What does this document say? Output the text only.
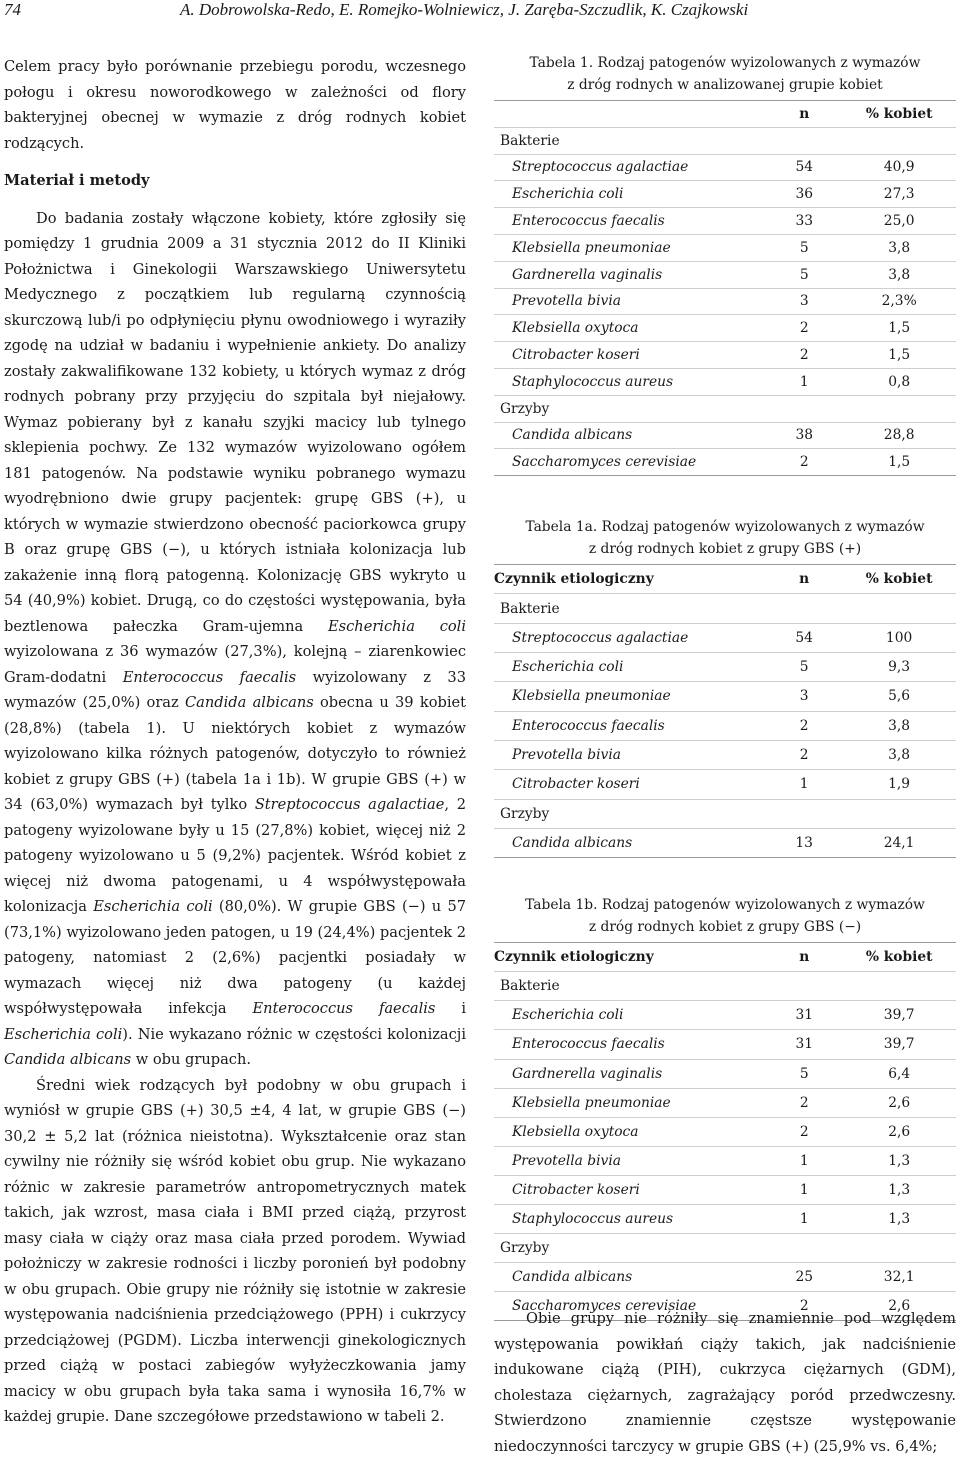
74	A. Dobrowolska-Redo, E. Romejko-Wolniewicz, J. Zaręba-Szczudlik, K. Czajkowski

Celem pracy było porównanie przebiegu porodu, wczesnego połogu i okresu noworodkowego w zależności od flory bakteryjnej obecnej w wymazie z dróg rodnych kobiet rodzących.

Materiał i metody

Do badania zostały włączone kobiety, które zgłosiły się pomiędzy 1 grudnia 2009 a 31 stycznia 2012 do II Kliniki Położnictwa i Ginekologii Warszawskiego Uniwersytetu Medycznego z początkiem lub regularną czynnością skurczową lub/i po odpłynięciu płynu owodniowego i wyraziły zgodę na udział w badaniu i wypełnienie ankiety. Do analizy zostały zakwalifikowane 132 kobiety, u których wymaz z dróg rodnych pobrany przy przyjęciu do szpitala był niejałowy. Wymaz pobierany był z kanału szyjki macicy lub tylnego sklepienia pochwy. Ze 132 wymazów wyizolowano ogółem 181 patogenów. Na podstawie wyniku pobranego wymazu wyodrębniono dwie grupy pacjentek: grupę GBS (+), u których w wymazie stwierdzono obecność paciorkowca grupy B oraz grupę GBS (−), u których istniała kolonizacja lub zakażenie inną florą patogenną. Kolonizację GBS wykryto u 54 (40,9%) kobiet. Drugą, co do częstości występowania, była beztlenowa pałeczka Gram-ujemna Escherichia coli wyizolowana z 36 wymazów (27,3%), kolejną – ziarenkowiec Gram-dodatni Enterococcus faecalis wyizolowany z 33 wymazów (25,0%) oraz Candida albicans obecna u 39 kobiet (28,8%) (tabela 1). U niektórych kobiet z wymazów wyizolowano kilka różnych patogenów, dotyczyło to również kobiet z grupy GBS (+) (tabela 1a i 1b). W grupie GBS (+) w 34 (63,0%) wymazach był tylko Streptococcus agalactiae, 2 patogeny wyizolowane były u 15 (27,8%) kobiet, więcej niż 2 patogeny wyizolowano u 5 (9,2%) pacjentek. Wśród kobiet z więcej niż dwoma patogenami, u 4 współwystępowała kolonizacja Escherichia coli (80,0%). W grupie GBS (−) u 57 (73,1%) wyizolowano jeden patogen, u 19 (24,4%) pacjentek 2 patogeny, natomiast 2 (2,6%) pacjentki posiadały w wymazach więcej niż dwa patogeny (u każdej współwystępowała infekcja Enterococcus faecalis i Escherichia coli). Nie wykazano różnic w częstości kolonizacji Candida albicans w obu grupach.

Średni wiek rodzących był podobny w obu grupach i wyniósł w grupie GBS (+) 30,5 ±4, 4 lat, w grupie GBS (−) 30,2 ± 5,2 lat (różnica nieistotna). Wykształcenie oraz stan cywilny nie różniły się wśród kobiet obu grup. Nie wykazano różnic w zakresie parametrów antropometrycznych matek takich, jak wzrost, masa ciała i BMI przed ciążą, przyrost masy ciała w ciąży oraz masa ciała przed porodem. Wywiad położniczy w zakresie rodności i liczby poronień był podobny w obu grupach. Obie grupy nie różniły się istotnie w zakresie występowania nadciśnienia przedciążowego (PPH) i cukrzycy przedciążowej (PGDM). Liczba interwencji ginekologicznych przed ciążą w postaci zabiegów wyłyżeczkowania jamy macicy w obu grupach była taka sama i wynosiła 16,7% w każdej grupie. Dane szczegółowe przedstawiono w tabeli 2.

Tabela 1. Rodzaj patogenów wyizolowanych z wymazów
z dróg rodnych w analizowanej grupie kobiet

	n	% kobiet
Bakterie		
Streptococcus agalactiae	54	40,9
Escherichia coli	36	27,3
Enterococcus faecalis	33	25,0
Klebsiella pneumoniae	5	3,8
Gardnerella vaginalis	5	3,8
Prevotella bivia	3	2,3%
Klebsiella oxytoca	2	1,5
Citrobacter koseri	2	1,5
Staphylococcus aureus	1	0,8
Grzyby		
Candida albicans	38	28,8
Saccharomyces cerevisiae	2	1,5

Tabela 1a. Rodzaj patogenów wyizolowanych z wymazów
z dróg rodnych kobiet z grupy GBS (+)

Czynnik etiologiczny	n	% kobiet
Bakterie		
Streptococcus agalactiae	54	100
Escherichia coli	5	9,3
Klebsiella pneumoniae	3	5,6
Enterococcus faecalis	2	3,8
Prevotella bivia	2	3,8
Citrobacter koseri	1	1,9
Grzyby		
Candida albicans	13	24,1

Tabela 1b. Rodzaj patogenów wyizolowanych z wymazów
z dróg rodnych kobiet z grupy GBS (−)

Czynnik etiologiczny	n	% kobiet
Bakterie		
Escherichia coli	31	39,7
Enterococcus faecalis	31	39,7
Gardnerella vaginalis	5	6,4
Klebsiella pneumoniae	2	2,6
Klebsiella oxytoca	2	2,6
Prevotella bivia	1	1,3
Citrobacter koseri	1	1,3
Staphylococcus aureus	1	1,3
Grzyby		
Candida albicans	25	32,1
Saccharomyces cerevisiae	2	2,6

Obie grupy nie różniły się znamiennie pod względem występowania powikłań ciąży takich, jak nadciśnienie indukowane ciążą (PIH), cukrzyca ciężarnych (GDM), cholestaza ciężarnych, zagrażający poród przedwczesny. Stwierdzono znamiennie częstsze występowanie niedoczynności tarczycy w grupie GBS (+) (25,9% vs. 6,4%;
